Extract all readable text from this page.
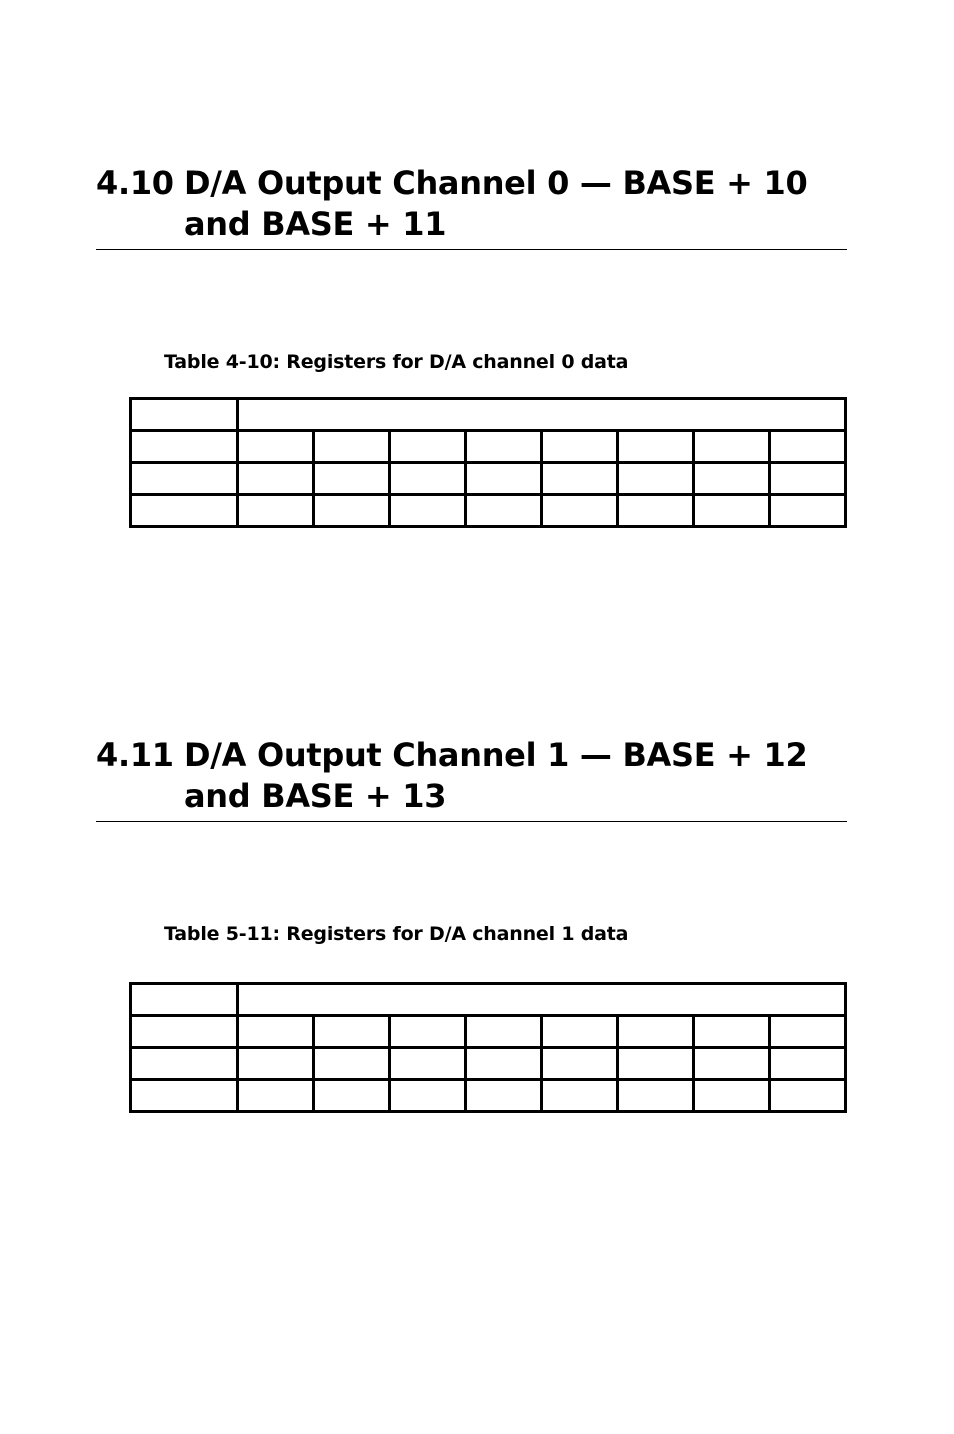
4.10 D/A Output Channel 0 — BASE + 10
and BASE + 11
Table 4-10: Registers for D/A channel 0 data

4.11 D/A Output Channel 1 — BASE + 12
and BASE + 13
Table 5-11: Registers for D/A channel 1 data
